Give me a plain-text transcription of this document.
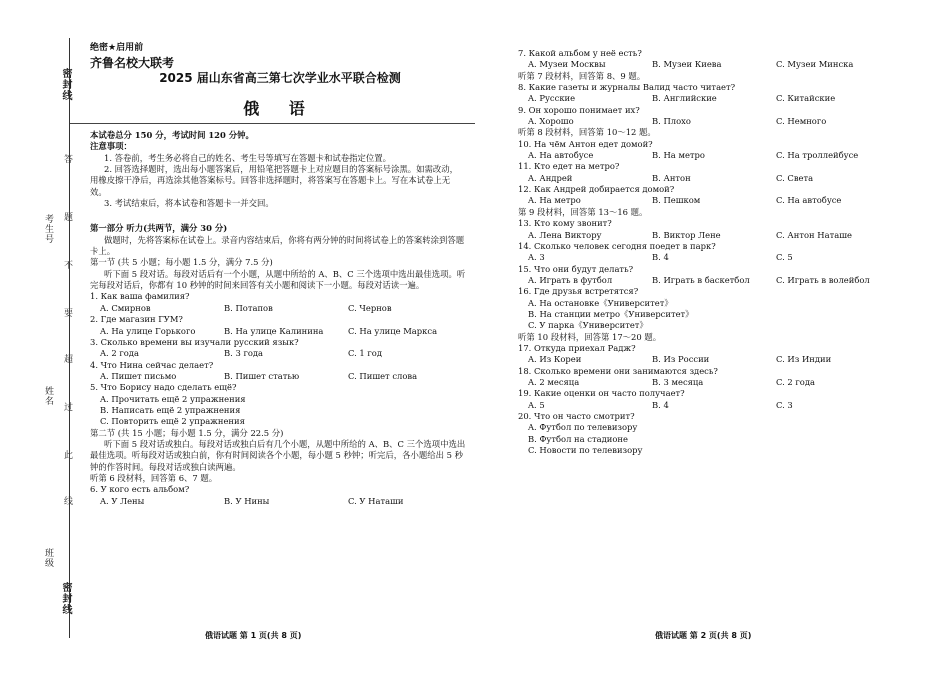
密封线
考生号
姓名
班级
密封线
答
题
不
要
超
过
此
线
绝密★启用前
齐鲁名校大联考
2025 届山东省高三第七次学业水平联合检测
俄 语

本试卷总分 150 分，考试时间 120 分钟。

注意事项：

1. 答卷前，考生务必将自己的姓名、考生号等填写在答题卡和试卷指定位置。

2. 回答选择题时，选出每小题答案后，用铅笔把答题卡上对应题目的答案标号涂黑。如需改动，用橡皮擦干净后，再选涂其他答案标号。回答非选择题时，将答案写在答题卡上。写在本试卷上无效。

3. 考试结束后，将本试卷和答题卡一并交回。

第一部分 听力(共两节，满分 30 分)

做题时，先将答案标在试卷上。录音内容结束后，你将有两分钟的时间将试卷上的答案转涂到答题卡上。

第一节 (共 5 小题；每小题 1.5 分，满分 7.5 分)

听下面 5 段对话。每段对话后有一个小题，从题中所给的 A、B、C 三个选项中选出最佳选项。听完每段对话后，你都有 10 秒钟的时间来回答有关小题和阅读下一小题。每段对话读一遍。

1. Как ваша фамилия?

A. Смирнов	B. Потапов	C. Чернов

2. Где магазин ГУМ?

A. На улице Горького	B. На улице Калинина	C. На улице Маркса

3. Сколько времени вы изучали русский язык?

A. 2 года	B. 3 года	C. 1 год

4. Что Нина сейчас делает?

A. Пишет письмо	B. Пишет статью	C. Пишет слова

5. Что Борису надо сделать ещё?

A. Прочитать ещё 2 упражнения

B. Написать ещё 2 упражнения

C. Повторить ещё 2 упражнения

第二节 (共 15 小题；每小题 1.5 分，满分 22.5 分)

听下面 5 段对话或独白。每段对话或独白后有几个小题，从题中所给的 A、B、C 三个选项中选出最佳选项。听每段对话或独白前，你有时间阅读各个小题，每小题 5 秒钟；听完后，各小题给出 5 秒钟的作答时间。每段对话或独白读两遍。

听第 6 段材料，回答第 6、7 题。

6. У кого есть альбом?

A. У Лены	B. У Нины	C. У Наташи

7. Какой альбом у неё есть?

A. Музеи Москвы	B. Музеи Киева	C. Музеи Минска

听第 7 段材料，回答第 8、9 题。

8. Какие газеты и журналы Валид часто читает?

A. Русские	B. Английские	C. Китайские

9. Он хорошо понимает их?

A. Хорошо	B. Плохо	C. Немного

听第 8 段材料，回答第 10～12 题。

10. На чём Антон едет домой?

A. На автобусе	B. На метро	C. На троллейбусе

11. Кто едет на метро?

A. Андрей	B. Антон	C. Света

12. Как Андрей добирается домой?

A. На метро	B. Пешком	C. На автобусе

第 9 段材料，回答第 13～16 题。

13. Кто кому звонит?

A. Лена Виктору	B. Виктор Лене	C. Антон Наташе

14. Сколько человек сегодня поедет в парк?

A. 3	B. 4	C. 5

15. Что они будут делать?

A. Играть в футбол	B. Играть в баскетбол	C. Играть в волейбол

16. Где друзья встретятся?

A. На остановке《Университет》

B. На станции метро《Университет》

C. У парка《Университет》

听第 10 段材料，回答第 17～20 题。

17. Откуда приехал Радж?

A. Из Кореи	B. Из России	C. Из Индии

18. Сколько времени они занимаются здесь?

A. 2 месяца	B. 3 месяца	C. 2 года

19. Какие оценки он часто получает?

A. 5	B. 4	C. 3

20. Что он часто смотрит?

A. Футбол по телевизору

B. Футбол на стадионе

C. Новости по телевизору

俄语试题 第 1 页(共 8 页)	俄语试题 第 2 页(共 8 页)
